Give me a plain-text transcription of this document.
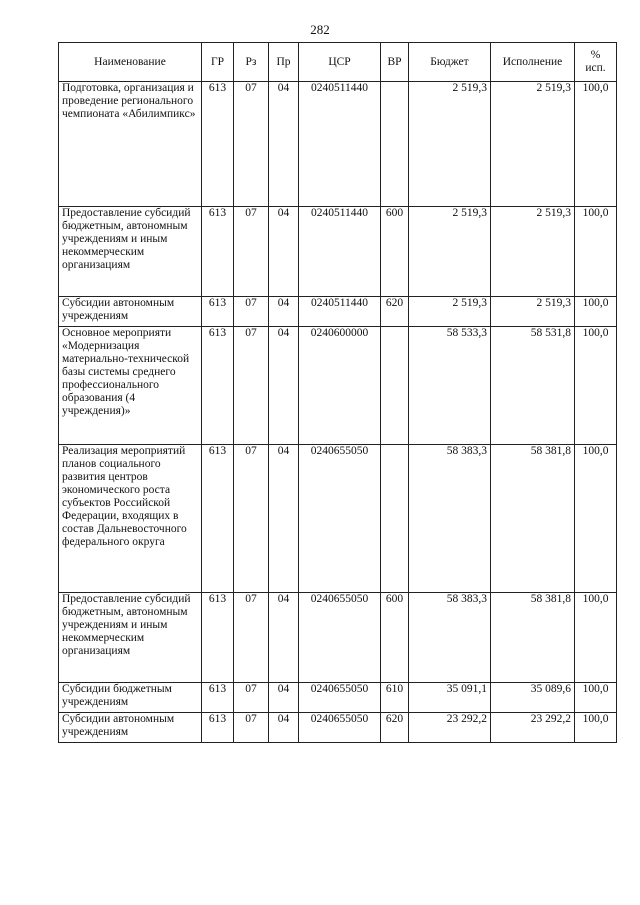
282
Наименование	ГР	Рз	Пр	ЦСР	ВР	Бюджет	Исполнение	%
исп.

Подготовка, организация и проведение регионального чемпионата «Абилимпикс»	613	07	04	0240511440		2 519,3	2 519,3	100,0
Предоставление субсидий бюджетным, автономным учреждениям и иным некоммерческим организациям	613	07	04	0240511440	600	2 519,3	2 519,3	100,0
Субсидии автономным учреждениям	613	07	04	0240511440	620	2 519,3	2 519,3	100,0
Основное мероприяти «Модернизация материально-технической базы системы среднего профессионального образования (4 учреждения)»	613	07	04	0240600000		58 533,3	58 531,8	100,0
Реализация мероприятий планов социального развития центров экономического роста субъектов Российской Федерации, входящих в состав Дальневосточного федерального округа	613	07	04	0240655050		58 383,3	58 381,8	100,0
Предоставление субсидий бюджетным, автономным учреждениям и иным некоммерческим организациям	613	07	04	0240655050	600	58 383,3	58 381,8	100,0
Субсидии бюджетным учреждениям	613	07	04	0240655050	610	35 091,1	35 089,6	100,0
Субсидии автономным учреждениям	613	07	04	0240655050	620	23 292,2	23 292,2	100,0
